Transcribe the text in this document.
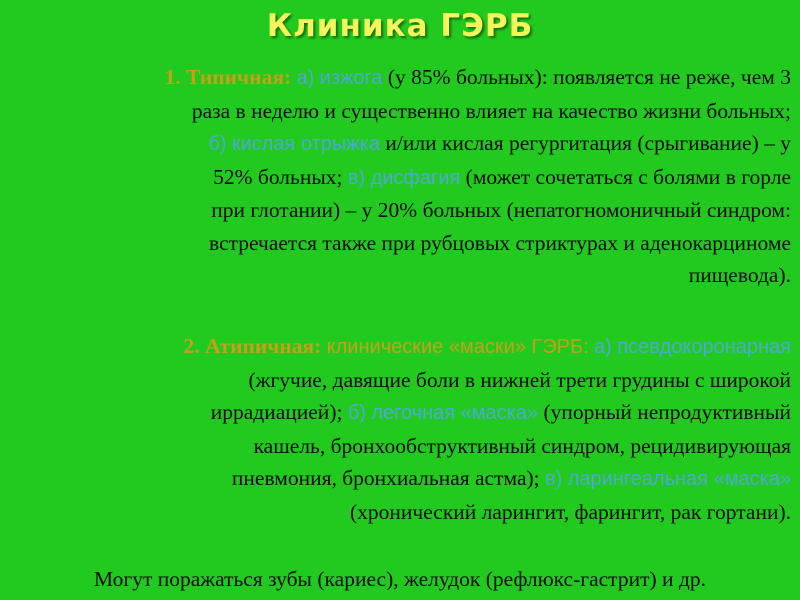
Клиника ГЭРБ
1. Типичная: а) изжога (у 85% больных): появляется не реже, чем 3
раза в неделю и существенно влияет на качество жизни больных;
б) кислая отрыжка и/или кислая регургитация (срыгивание) – у
52% больных; в) дисфагия (может сочетаться с болями в горле
при глотании) – у 20% больных (непатогномоничный синдром:
встречается также при рубцовых стриктурах и аденокарциноме
пищевода).
2. Атипичная: клинические «маски» ГЭРБ: а) псевдокоронарная
(жгучие, давящие боли в нижней трети грудины с широкой
иррадиацией); б) легочная «маска» (упорный непродуктивный
кашель, бронхообструктивный синдром, рецидивирующая
пневмония, бронхиальная астма); в) ларингеальная «маска»
(хронический ларингит, фарингит, рак гортани).
Могут поражаться зубы (кариес), желудок (рефлюкс-гастрит) и др.
